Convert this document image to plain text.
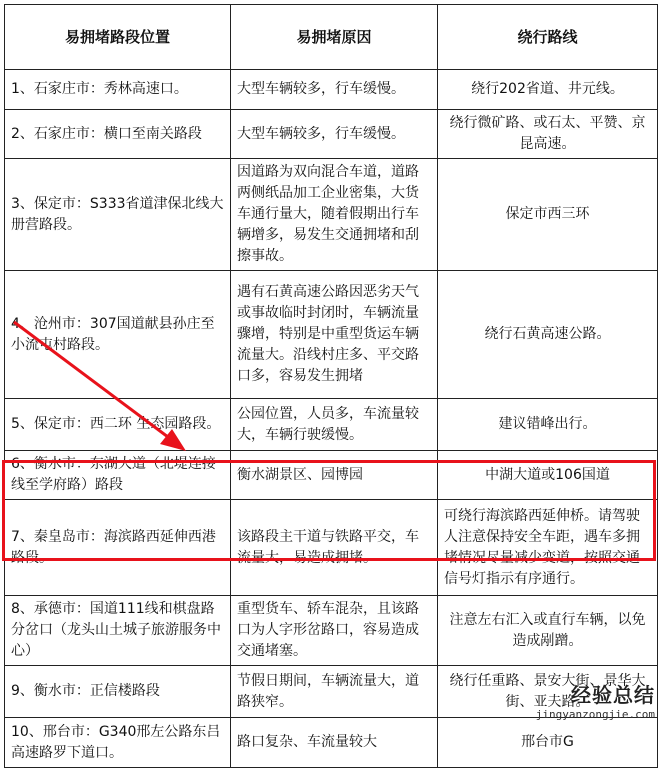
易拥堵路段位置	易拥堵原因	绕行路线
1、石家庄市：秀林高速口。	大型车辆较多，行车缓慢。	绕行202省道、井元线。
2、石家庄市：横口至南关路段	大型车辆较多，行车缓慢。	绕行微矿路、或石太、平赞、京昆高速。
3、保定市：S333省道津保北线大册营路段。	因道路为双向混合车道，道路两侧纸品加工企业密集，大货车通行量大，随着假期出行车辆增多，易发生交通拥堵和刮擦事故。	保定市西三环
4、沧州市：307国道献县孙庄至小流屯村路段。	遇有石黄高速公路因恶劣天气或事故临时封闭时，车辆流量骤增，特别是中重型货运车辆流量大。沿线村庄多、平交路口多，容易发生拥堵	绕行石黄高速公路。
5、保定市：西二环 生态园路段。	公园位置，人员多，车流量较大，车辆行驶缓慢。	建议错峰出行。
6、衡水市：东湖大道（北堤连接线至学府路）路段	衡水湖景区、园博园	中湖大道或106国道
7、秦皇岛市：海滨路西延伸西港路段。	该路段主干道与铁路平交，车流量大，易造成拥堵。	可绕行海滨路西延伸桥。请驾驶人注意保持安全车距，遇车多拥堵情况尽量减少变道，按照交通信号灯指示有序通行。
8、承德市：国道111线和棋盘路分岔口（龙头山土城子旅游服务中心）	重型货车、轿车混杂，且该路口为人字形岔路口，容易造成交通堵塞。	注意左右汇入或直行车辆，以免造成剐蹭。
9、衡水市：正信楼路段	节假日期间，车辆流量大，道路狭窄。	绕行任重路、景安大街、景华大街、亚夫路。
10、邢台市：G340邢左公路东吕高速路罗下道口。	路口复杂、车流量较大	邢台市G
经验总结
jingyanzongjie.com
